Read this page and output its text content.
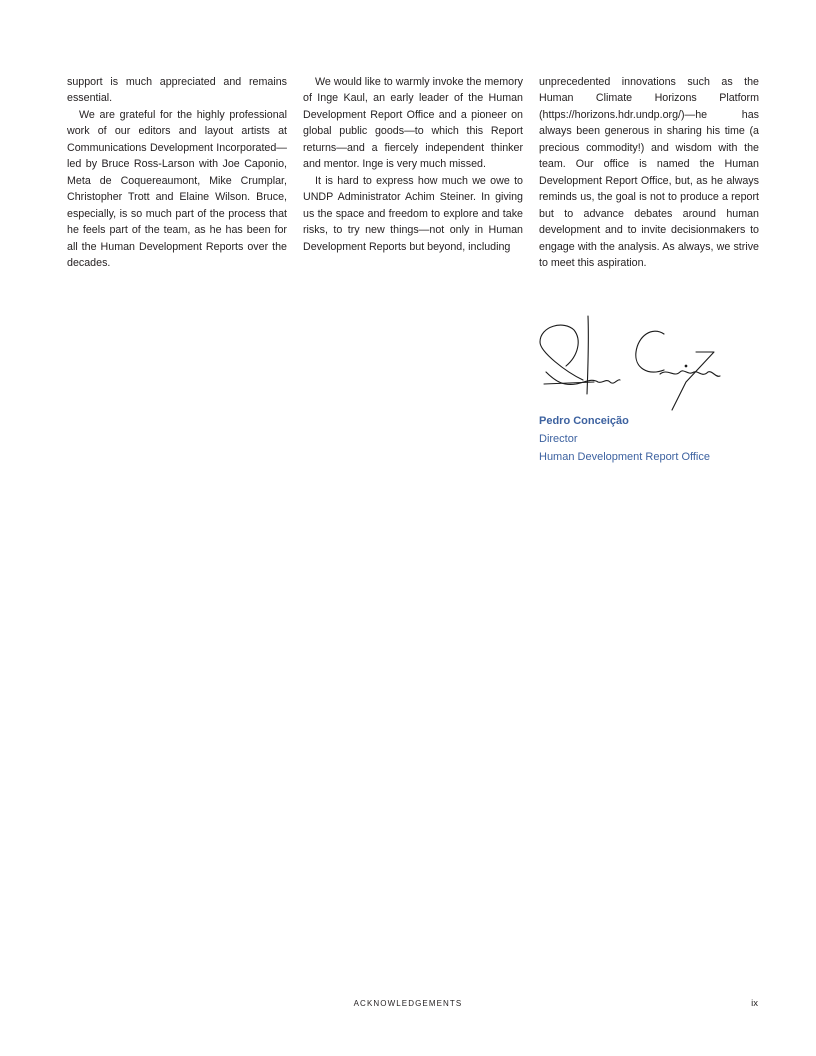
support is much appreciated and remains essential.

We are grateful for the highly professional work of our editors and layout artists at Communications Development Incorporated—led by Bruce Ross-Larson with Joe Caponio, Meta de Coquereaumont, Mike Crumplar, Christopher Trott and Elaine Wilson. Bruce, especially, is so much part of the process that he feels part of the team, as he has been for all the Human Development Reports over the decades.

We would like to warmly invoke the memory of Inge Kaul, an early leader of the Human Development Report Office and a pioneer on global public goods—to which this Report returns—and a fiercely independent thinker and mentor. Inge is very much missed.

It is hard to express how much we owe to UNDP Administrator Achim Steiner. In giving us the space and freedom to explore and take risks, to try new things—not only in Human Development Reports but beyond, including

unprecedented innovations such as the Human Climate Horizons Platform (https://horizons.hdr.undp.org/)—he has always been generous in sharing his time (a precious commodity!) and wisdom with the team. Our office is named the Human Development Report Office, but, as he always reminds us, the goal is not to produce a report but to advance debates around human development and to invite decisionmakers to engage with the analysis. As always, we strive to meet this aspiration.

Pedro Conceição
Director
Human Development Report Office
ACKNOWLEDGEMENTS	ix
